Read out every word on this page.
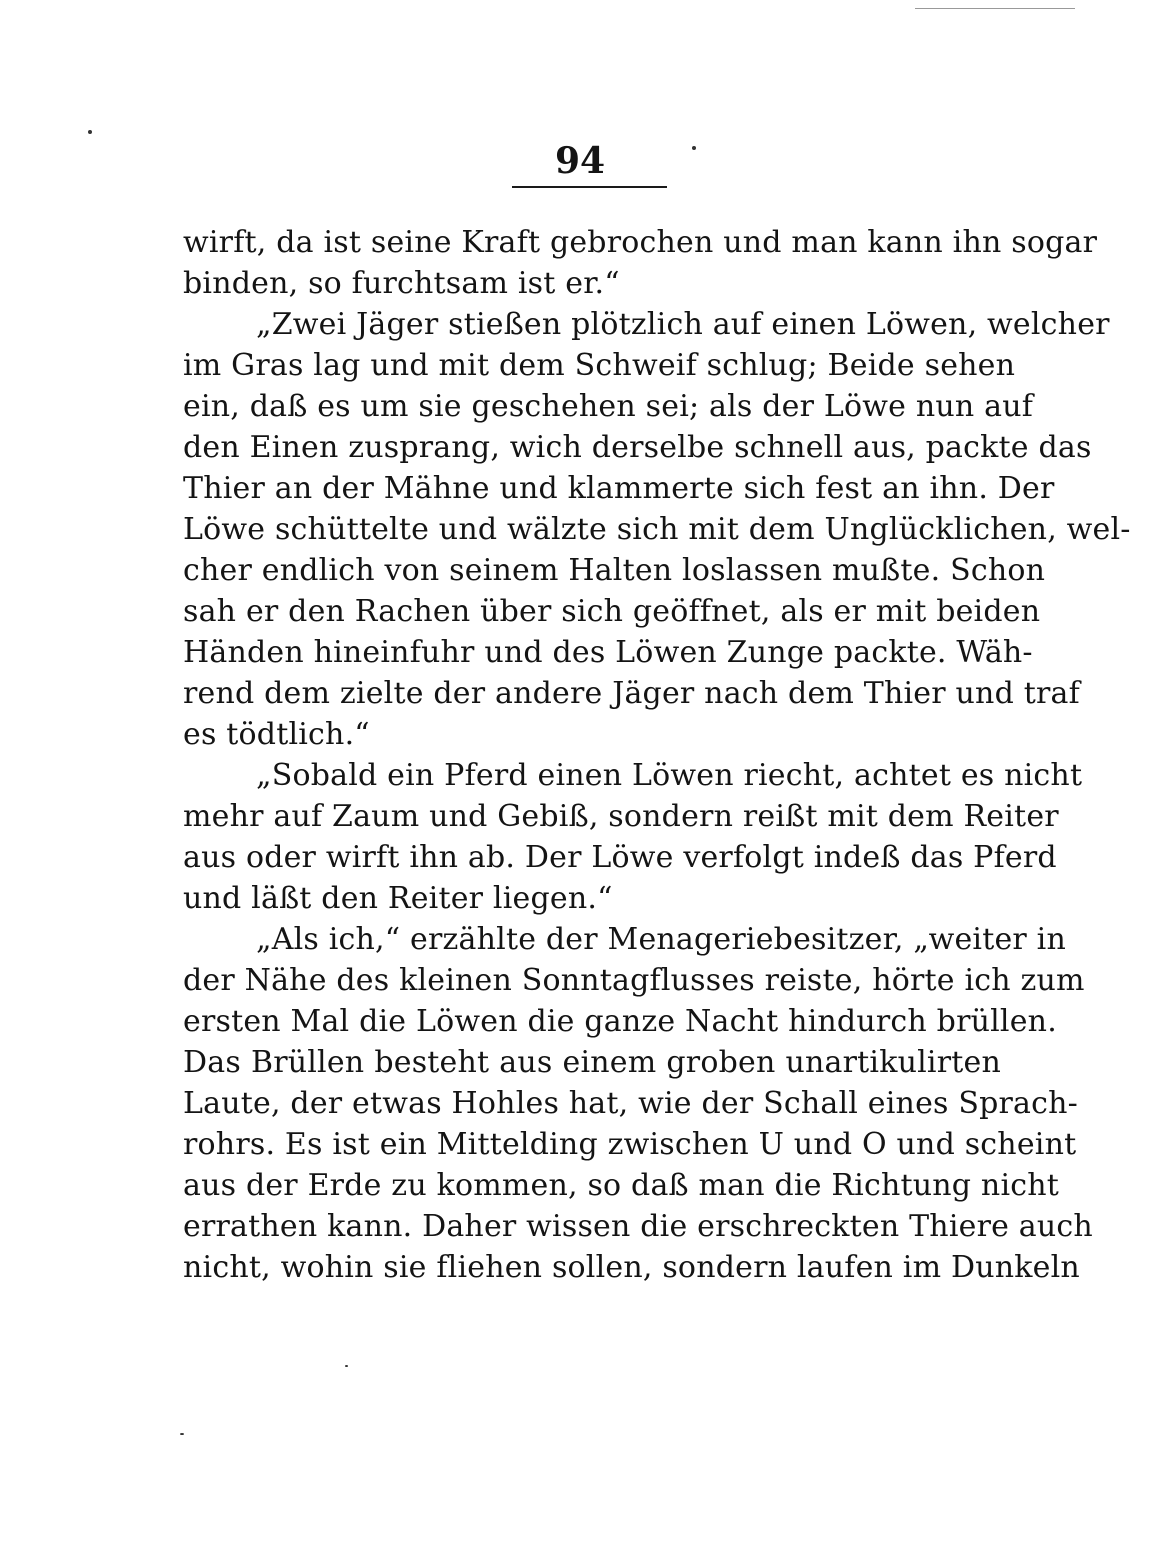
94
wirft, da ist seine Kraft gebrochen und man kann ihn sogar
binden, so furchtsam ist er.“
„Zwei Jäger stießen plötzlich auf einen Löwen, welcher
im Gras lag und mit dem Schweif schlug; Beide sehen
ein, daß es um sie geschehen sei; als der Löwe nun auf
den Einen zusprang, wich derselbe schnell aus, packte das
Thier an der Mähne und klammerte sich fest an ihn. Der
Löwe schüttelte und wälzte sich mit dem Unglücklichen, wel-
cher endlich von seinem Halten loslassen mußte. Schon
sah er den Rachen über sich geöffnet, als er mit beiden
Händen hineinfuhr und des Löwen Zunge packte. Wäh-
rend dem zielte der andere Jäger nach dem Thier und traf
es tödtlich.“
„Sobald ein Pferd einen Löwen riecht, achtet es nicht
mehr auf Zaum und Gebiß, sondern reißt mit dem Reiter
aus oder wirft ihn ab. Der Löwe verfolgt indeß das Pferd
und läßt den Reiter liegen.“
„Als ich,“ erzählte der Menageriebesitzer, „weiter in
der Nähe des kleinen Sonntagflusses reiste, hörte ich zum
ersten Mal die Löwen die ganze Nacht hindurch brüllen.
Das Brüllen besteht aus einem groben unartikulirten
Laute, der etwas Hohles hat, wie der Schall eines Sprach-
rohrs. Es ist ein Mittelding zwischen U und O und scheint
aus der Erde zu kommen, so daß man die Richtung nicht
errathen kann. Daher wissen die erschreckten Thiere auch
nicht, wohin sie fliehen sollen, sondern laufen im Dunkeln
